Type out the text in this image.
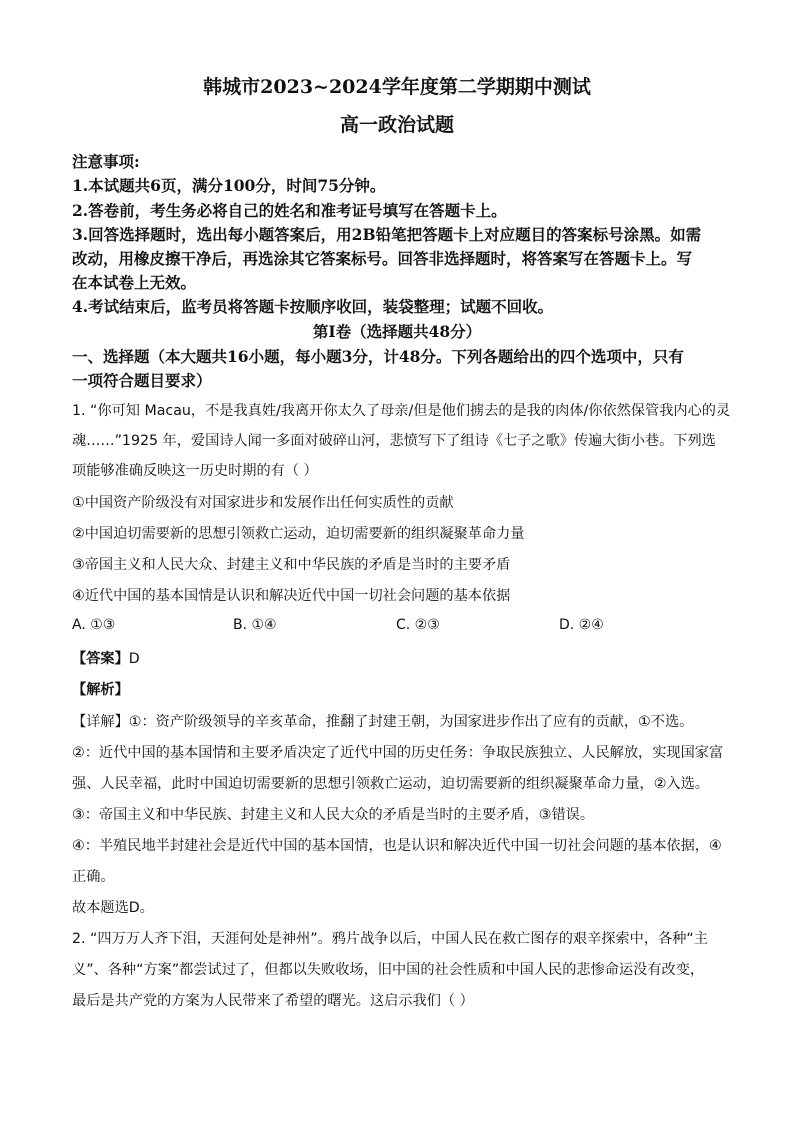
韩城市2023~2024学年度第二学期期中测试
高一政治试题
注意事项:
1.本试题共6页，满分100分，时间75分钟。
2.答卷前，考生务必将自己的姓名和准考证号填写在答题卡上。
3.回答选择题时，选出每小题答案后，用2B铅笔把答题卡上对应题目的答案标号涂黑。如需
改动，用橡皮擦干净后，再选涂其它答案标号。回答非选择题时，将答案写在答题卡上。写
在本试卷上无效。
4.考试结束后，监考员将答题卡按顺序收回，装袋整理；试题不回收。
第Ⅰ卷（选择题共48分）
一、选择题（本大题共16小题，每小题3分，计48分。下列各题给出的四个选项中，只有
一项符合题目要求）
1. “你可知 Macau，不是我真姓/我离开你太久了母亲/但是他们掳去的是我的肉体/你依然保管我内心的灵
魂……”1925 年，爱国诗人闻一多面对破碎山河，悲愤写下了组诗《七子之歌》传遍大街小巷。下列选
项能够准确反映这一历史时期的有（ ）
①中国资产阶级没有对国家进步和发展作出任何实质性的贡献
②中国迫切需要新的思想引领救亡运动，迫切需要新的组织凝聚革命力量
③帝国主义和人民大众、封建主义和中华民族的矛盾是当时的主要矛盾
④近代中国的基本国情是认识和解决近代中国一切社会问题的基本依据
A. ①③	B. ①④	C. ②③	D. ②④
【答案】D
【解析】
【详解】①：资产阶级领导的辛亥革命，推翻了封建王朝，为国家进步作出了应有的贡献，①不选。
②：近代中国的基本国情和主要矛盾决定了近代中国的历史任务：争取民族独立、人民解放，实现国家富
强、人民幸福，此时中国迫切需要新的思想引领救亡运动，迫切需要新的组织凝聚革命力量，②入选。
③：帝国主义和中华民族、封建主义和人民大众的矛盾是当时的主要矛盾，③错误。
④：半殖民地半封建社会是近代中国的基本国情，也是认识和解决近代中国一切社会问题的基本依据，④
正确。
故本题选D。
2. “四万万人齐下泪，天涯何处是神州”。鸦片战争以后，中国人民在救亡图存的艰辛探索中，各种“主
义”、各种“方案”都尝试过了，但都以失败收场，旧中国的社会性质和中国人民的悲惨命运没有改变，
最后是共产党的方案为人民带来了希望的曙光。这启示我们（ ）
